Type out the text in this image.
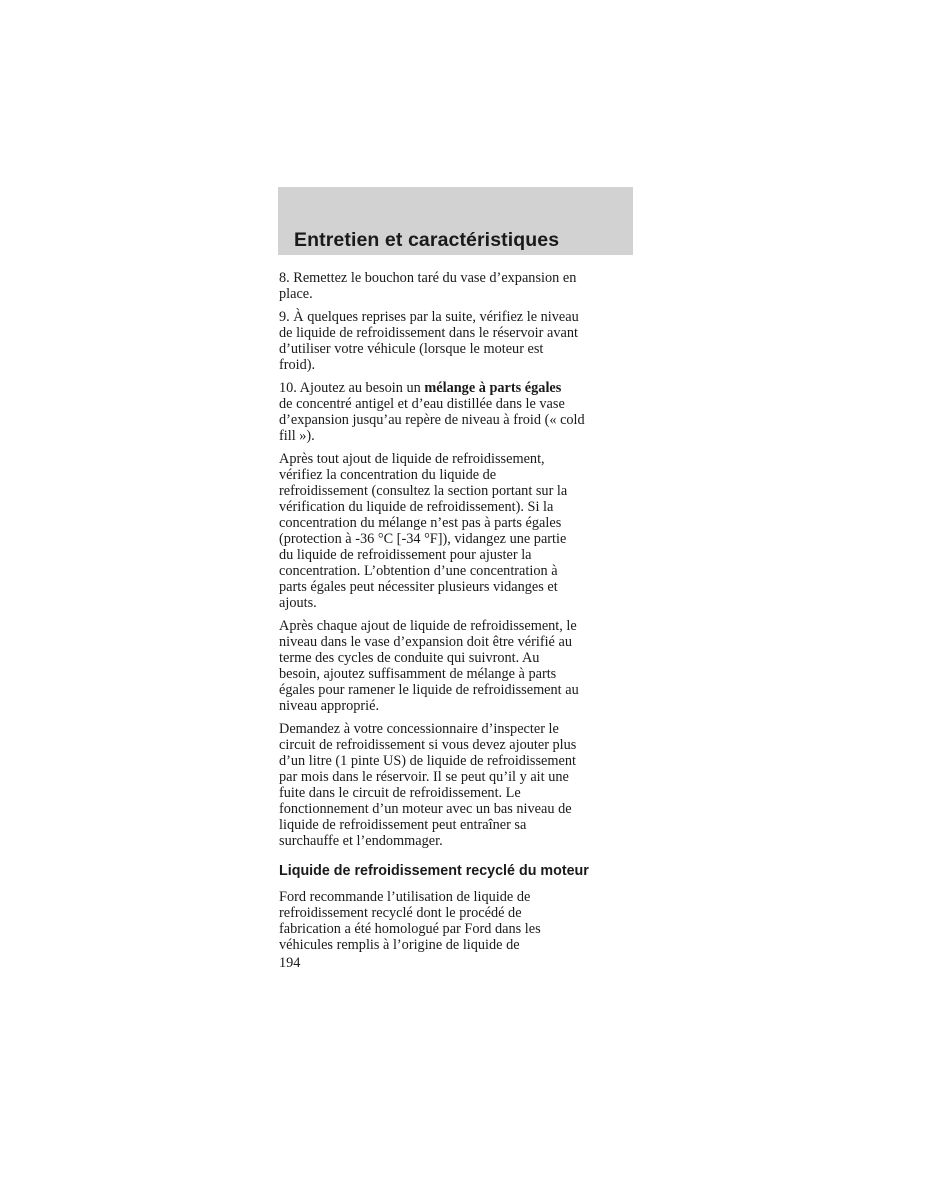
Entretien et caractéristiques

8. Remettez le bouchon taré du vase d’expansion en
place.

9. À quelques reprises par la suite, vérifiez le niveau
de liquide de refroidissement dans le réservoir avant
d’utiliser votre véhicule (lorsque le moteur est
froid).

10. Ajoutez au besoin un mélange à parts égales
de concentré antigel et d’eau distillée dans le vase
d’expansion jusqu’au repère de niveau à froid (« cold
fill »).

Après tout ajout de liquide de refroidissement,
vérifiez la concentration du liquide de
refroidissement (consultez la section portant sur la
vérification du liquide de refroidissement). Si la
concentration du mélange n’est pas à parts égales
(protection à -36 °C [-34 °F]), vidangez une partie
du liquide de refroidissement pour ajuster la
concentration. L’obtention d’une concentration à
parts égales peut nécessiter plusieurs vidanges et
ajouts.

Après chaque ajout de liquide de refroidissement, le
niveau dans le vase d’expansion doit être vérifié au
terme des cycles de conduite qui suivront. Au
besoin, ajoutez suffisamment de mélange à parts
égales pour ramener le liquide de refroidissement au
niveau approprié.

Demandez à votre concessionnaire d’inspecter le
circuit de refroidissement si vous devez ajouter plus
d’un litre (1 pinte US) de liquide de refroidissement
par mois dans le réservoir. Il se peut qu’il y ait une
fuite dans le circuit de refroidissement. Le
fonctionnement d’un moteur avec un bas niveau de
liquide de refroidissement peut entraîner sa
surchauffe et l’endommager.

Liquide de refroidissement recyclé du moteur

Ford recommande l’utilisation de liquide de
refroidissement recyclé dont le procédé de
fabrication a été homologué par Ford dans les
véhicules remplis à l’origine de liquide de

194
